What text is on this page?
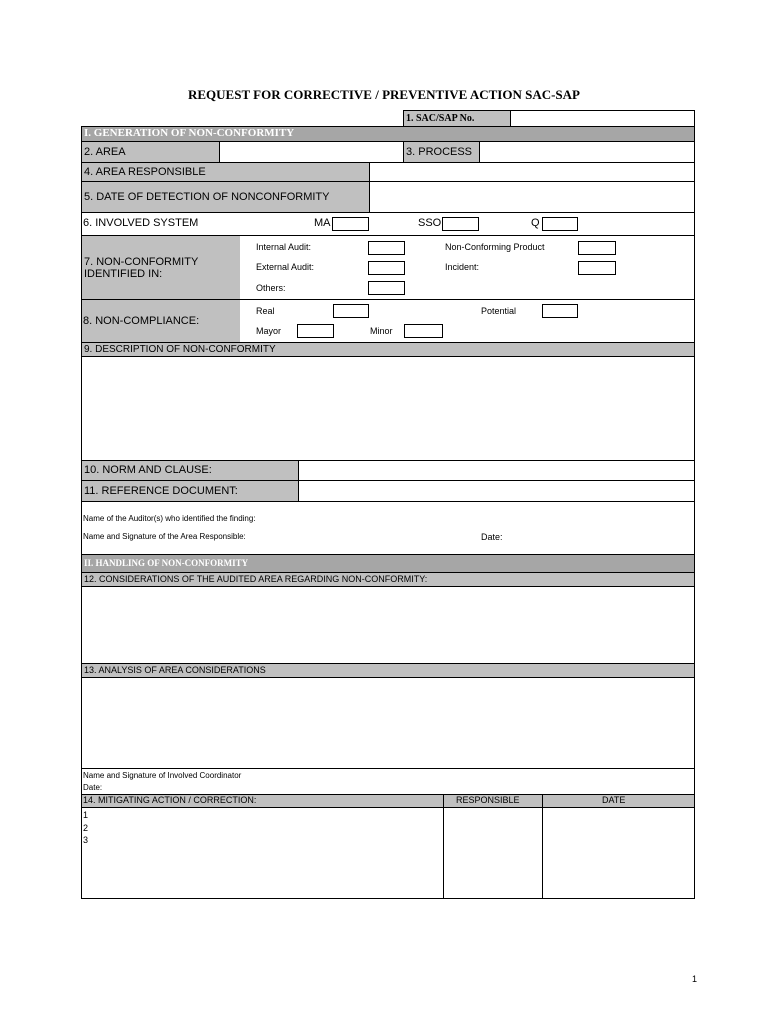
REQUEST FOR CORRECTIVE / PREVENTIVE ACTION SAC-SAP
1. SAC/SAP No.
I. GENERATION OF NON-CONFORMITY
2. AREA	3. PROCESS
4. AREA RESPONSIBLE
5. DATE OF DETECTION OF NONCONFORMITY
6. INVOLVED SYSTEM	MA	SSO	Q
7. NON-CONFORMITY
IDENTIFIED IN:
Internal Audit:	Non-Conforming Product
External Audit:	Incident:
Others:
8. NON-COMPLIANCE:
Real	Potential
Mayor	Minor
9. DESCRIPTION OF NON-CONFORMITY
10. NORM AND CLAUSE:
11. REFERENCE DOCUMENT:
Name of the Auditor(s) who identified the finding:
Name and Signature of the Area Responsible:	Date:
II. HANDLING OF NON-CONFORMITY
12. CONSIDERATIONS OF THE AUDITED AREA REGARDING NON-CONFORMITY:
13. ANALYSIS OF AREA CONSIDERATIONS
Name and Signature of Involved Coordinator
Date:
14. MITIGATING ACTION / CORRECTION:	RESPONSIBLE	DATE
1
2
3
1
